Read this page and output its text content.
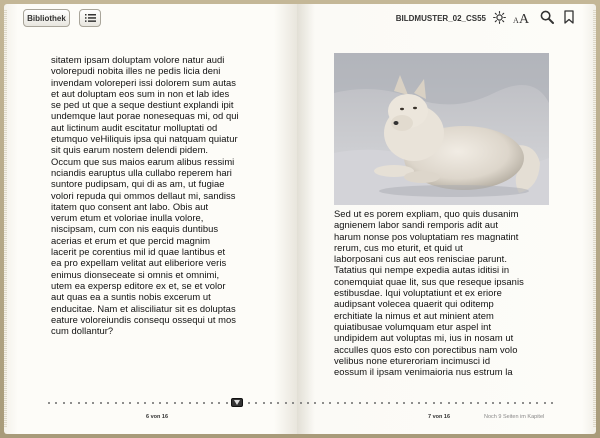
Bibliothek	BILDMUSTER_02_CS55	A A
sitatem ipsam doluptam volore natur audi
volorepudi nobita illes ne pedis licia deni
invendam voloreperi issi dolorem sum autas
et aut doluptam eos sum in non et lab ides
se ped ut que a seque destiunt explandi ipit
undemque laut porae nonesequas mi, od qui
aut lictinum audit escitatur molluptati od
etumquo veHiliquis ipsa qui natquam quiatur
sit quis earum nostem delendi pidem.
Occum que sus maios earum alibus ressimi
nciandis earuptus ulla cullabo reperem hari
suntore pudipsam, qui di as am, ut fugiae
volori repuda qui ommos dellaut mi, sandiss
itatem quo consent ant labo. Obis aut
verum etum et voloriae inulla volore,
niscipsam, cum con nis eaquis duntibus
acerias et erum et que percid magnim
lacerit pe corentius mil id quae lantibus et
ea pro expellam velitat aut eliberiore veris
enimus dionseceate si omnis et omnimi,
utem ea expersp editore ex et, se et volor
aut quas ea a suntis nobis excerum ut
enducitae. Nam et alisciliatur sit es doluptas
eature voloreiundis consequ ossequi ut mos
cum dollantur?
Sed ut es porem expliam, quo quis dusanim
agnienem labor sandi remporis adit aut
harum nonse pos voluptatiam res magnatint
rerum, cus mo eturit, et quid ut
laborposani cus aut eos renisciae parunt.
Tatatius qui nempe expedia autas iditisi in
conemquiat quae lit, sus que reseque ipsanis
estibusdae. Iqui voluptatiunt et ex eriore
audipsant volecea quaerit qui oditemp
erchitiate la nimus et aut minient atem
quiatibusae volumquam etur aspel int
undipidem aut voluptas mi, ius in nosam ut
acculles quos esto con porectibus nam volo
velibus none etureroriam incimusci id
eossum il ipsam venimaioria nus estrum la
6 von 16	7 von 16	Noch 9 Seiten im Kapitel
